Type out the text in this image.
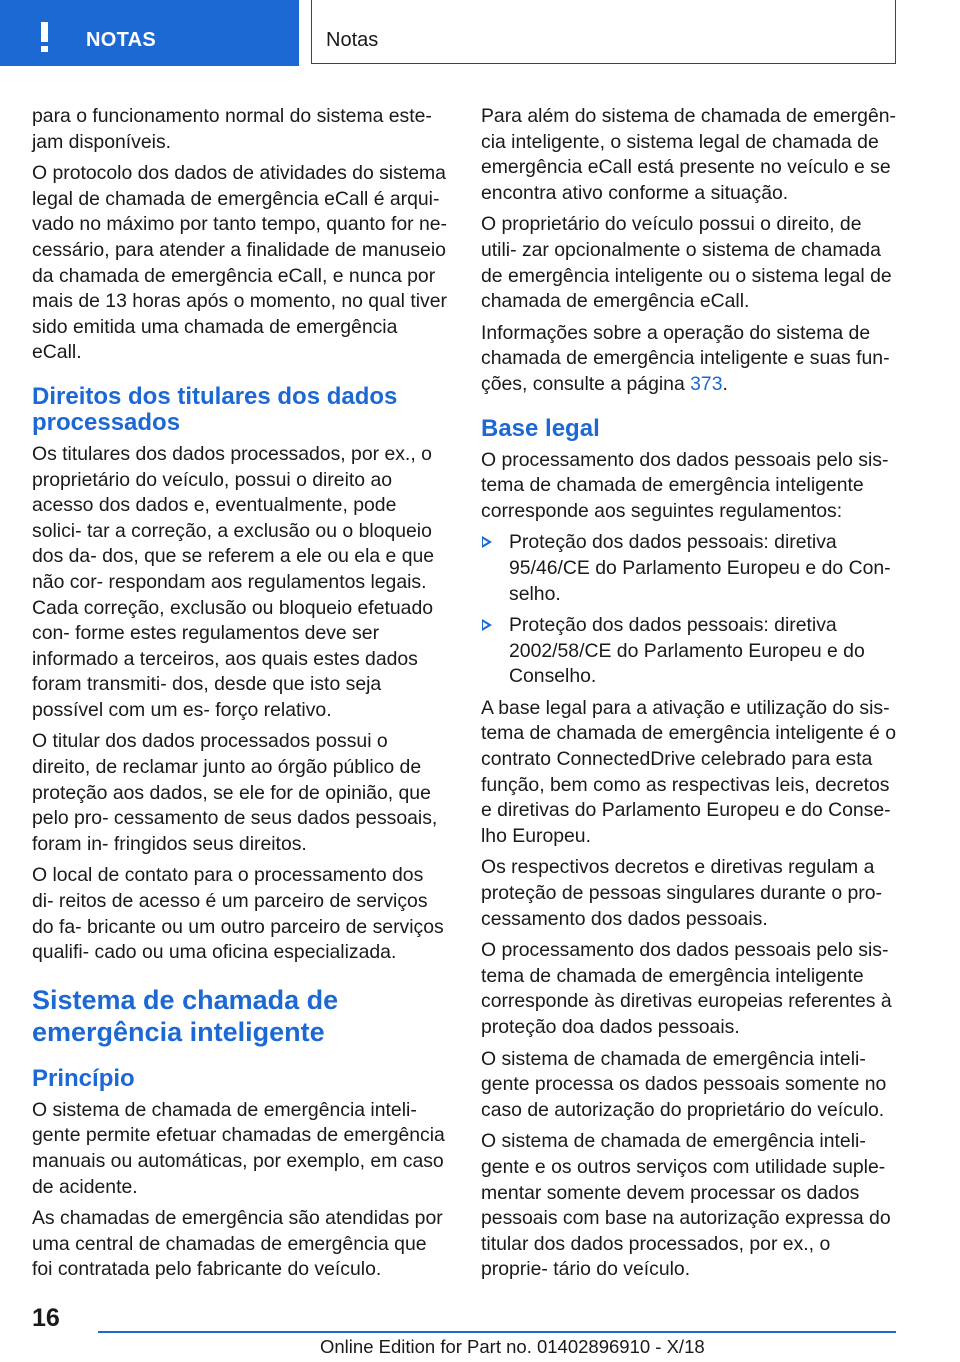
NOTAS	Notas

para o funcionamento normal do sistema este‐ jam disponíveis.

O protocolo dos dados de atividades do sistema legal de chamada de emergência eCall é arqui‐ vado no máximo por tanto tempo, quanto for ne‐ cessário, para atender a finalidade de manuseio da chamada de emergência eCall, e nunca por mais de 13 horas após o momento, no qual tiver sido emitida uma chamada de emergência eCall.

Direitos dos titulares dos dados processados

Os titulares dos dados processados, por ex., o proprietário do veículo, possui o direito ao acesso dos dados e, eventualmente, pode solici‐ tar a correção, a exclusão ou o bloqueio dos da‐ dos, que se referem a ele ou ela e que não cor‐ respondam aos regulamentos legais. Cada correção, exclusão ou bloqueio efetuado con‐ forme estes regulamentos deve ser informado a terceiros, aos quais estes dados foram transmiti‐ dos, desde que isto seja possível com um es‐ forço relativo.

O titular dos dados processados possui o direito, de reclamar junto ao órgão público de proteção aos dados, se ele for de opinião, que pelo pro‐ cessamento de seus dados pessoais, foram in‐ fringidos seus direitos.

O local de contato para o processamento dos di‐ reitos de acesso é um parceiro de serviços do fa‐ bricante ou um outro parceiro de serviços qualifi‐ cado ou uma oficina especializada.

Sistema de chamada de emergência inteligente
Princípio

O sistema de chamada de emergência inteli‐ gente permite efetuar chamadas de emergência manuais ou automáticas, por exemplo, em caso de acidente.

As chamadas de emergência são atendidas por uma central de chamadas de emergência que foi contratada pelo fabricante do veículo.

Para além do sistema de chamada de emergên‐ cia inteligente, o sistema legal de chamada de emergência eCall está presente no veículo e se encontra ativo conforme a situação.

O proprietário do veículo possui o direito, de utili‐ zar opcionalmente o sistema de chamada de emergência inteligente ou o sistema legal de chamada de emergência eCall.

Informações sobre a operação do sistema de chamada de emergência inteligente e suas fun‐ ções, consulte a página 373.

Base legal

O processamento dos dados pessoais pelo sis‐ tema de chamada de emergência inteligente corresponde aos seguintes regulamentos:

Proteção dos dados pessoais: diretiva 95/46/CE do Parlamento Europeu e do Con‐ selho.
Proteção dos dados pessoais: diretiva 2002/58/CE do Parlamento Europeu e do Conselho.

A base legal para a ativação e utilização do sis‐ tema de chamada de emergência inteligente é o contrato ConnectedDrive celebrado para esta função, bem como as respectivas leis, decretos e diretivas do Parlamento Europeu e do Conse‐ lho Europeu.

Os respectivos decretos e diretivas regulam a proteção de pessoas singulares durante o pro‐ cessamento dos dados pessoais.

O processamento dos dados pessoais pelo sis‐ tema de chamada de emergência inteligente corresponde às diretivas europeias referentes à proteção doa dados pessoais.

O sistema de chamada de emergência inteli‐ gente processa os dados pessoais somente no caso de autorização do proprietário do veículo.

O sistema de chamada de emergência inteli‐ gente e os outros serviços com utilidade suple‐ mentar somente devem processar os dados pessoais com base na autorização expressa do titular dos dados processados, por ex., o proprie‐ tário do veículo.

16
Online Edition for Part no. 01402896910 - X/18
